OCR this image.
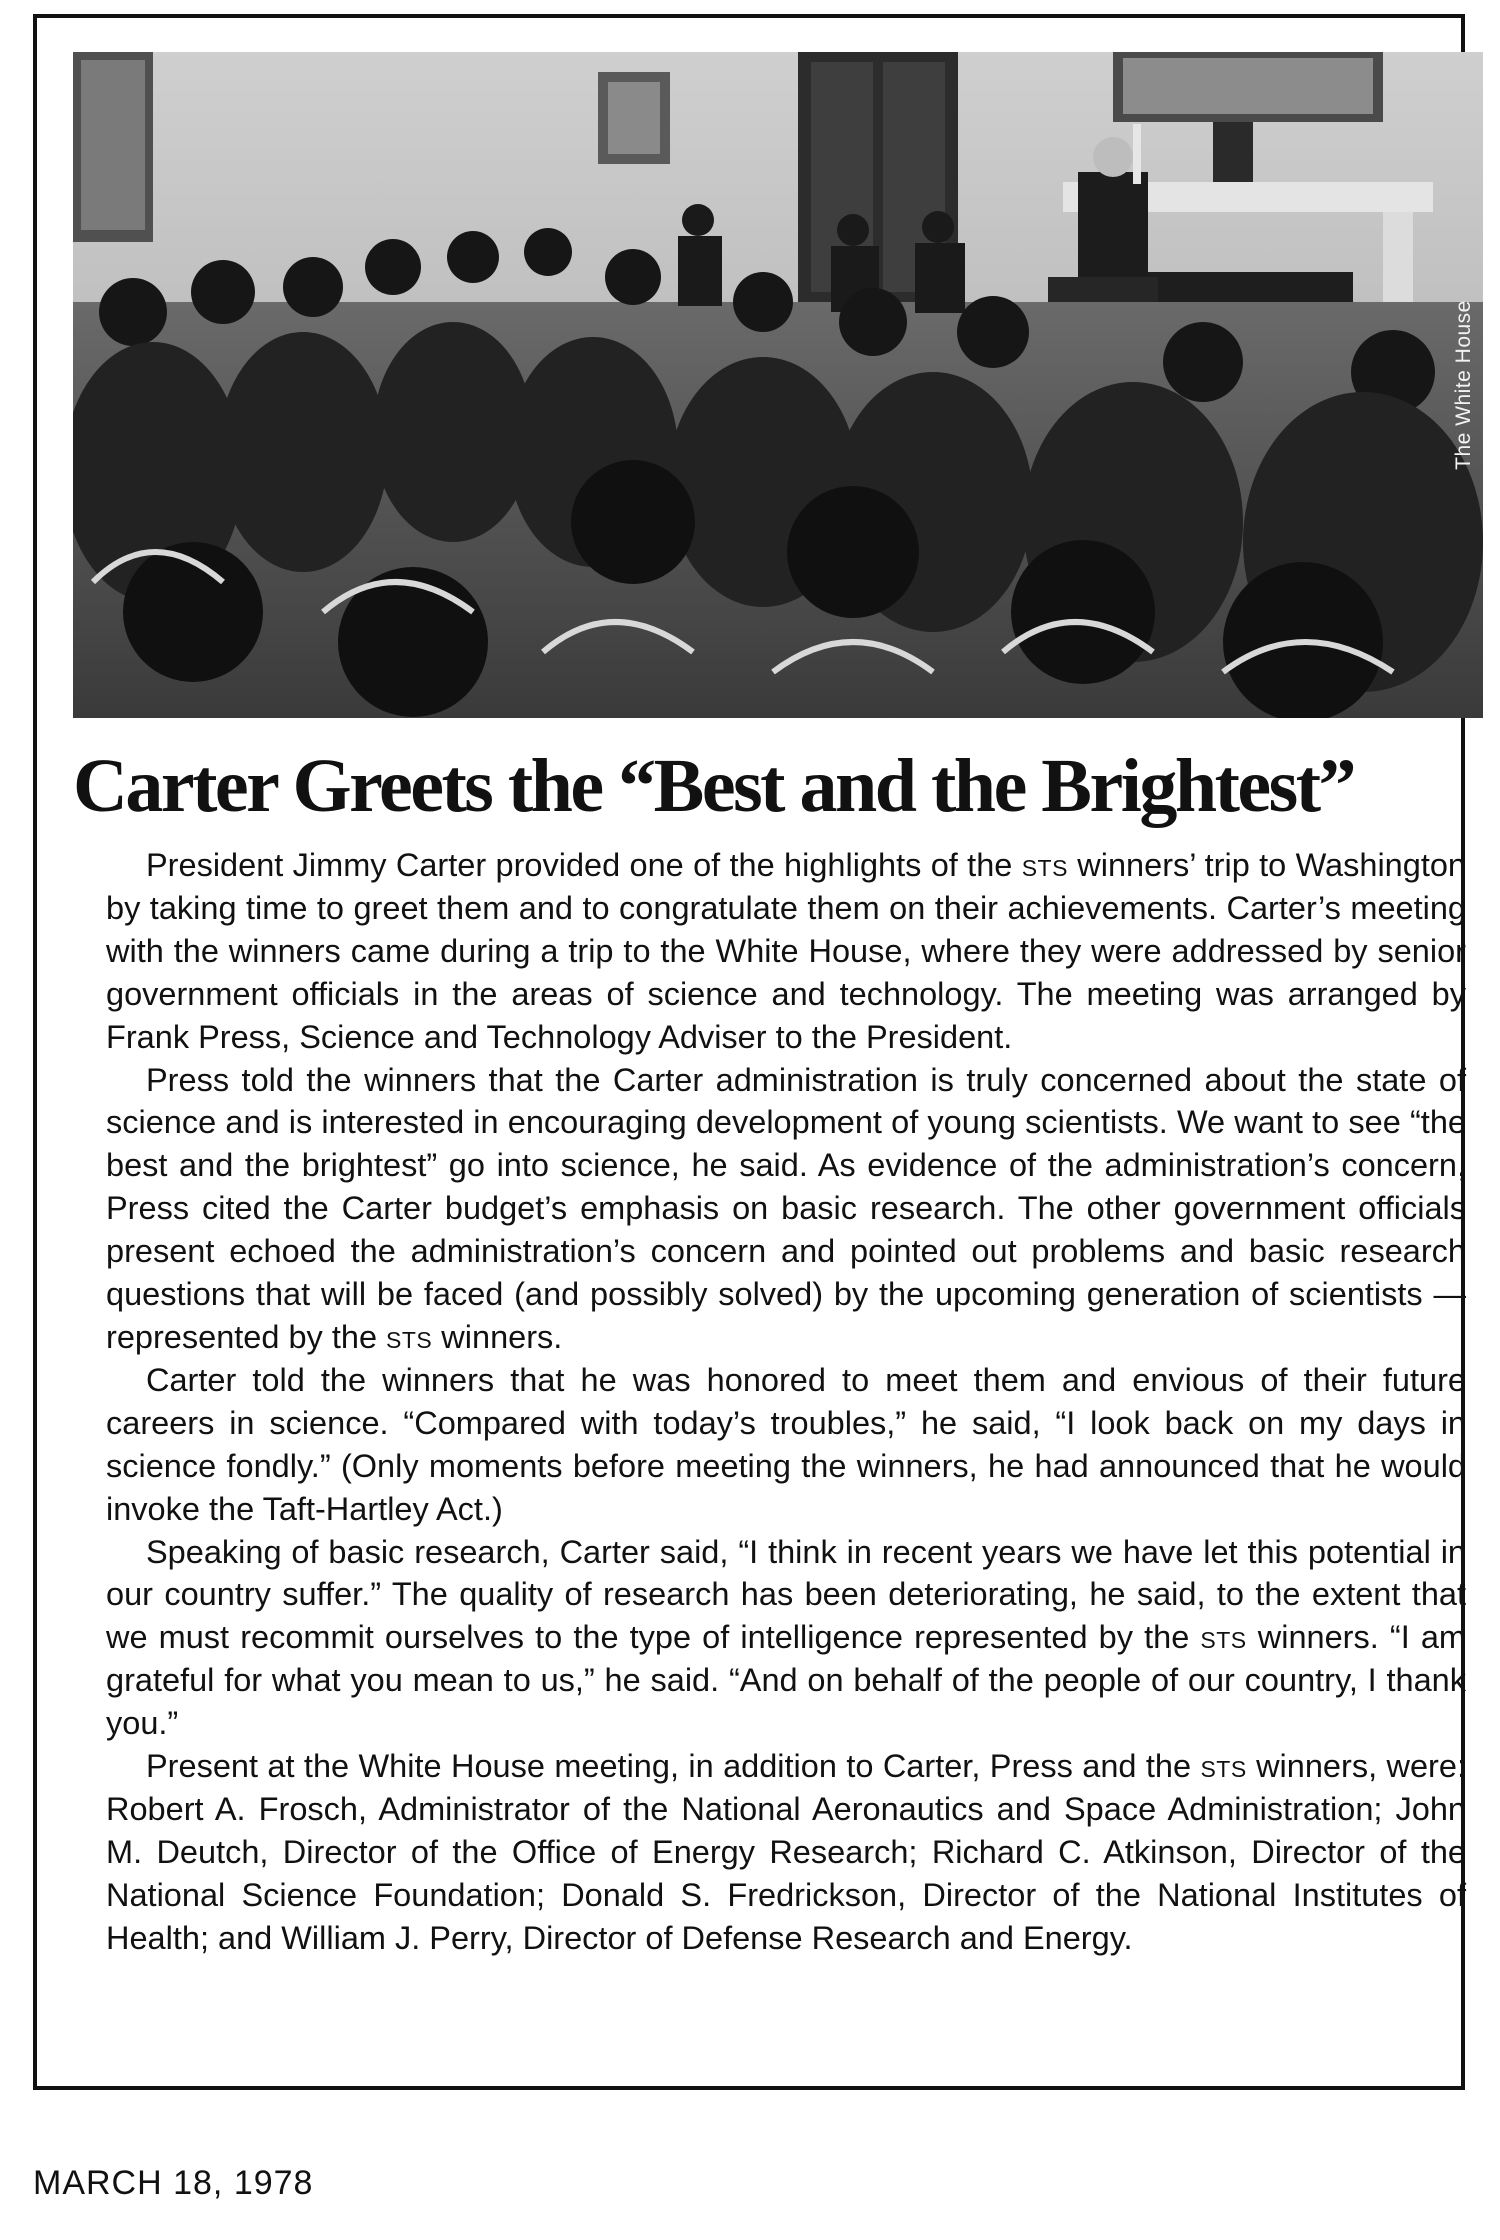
The White House
Carter Greets the “Best and the Brightest”

President Jimmy Carter provided one of the highlights of the sts winners’ trip to Washington by taking time to greet them and to congratulate them on their achievements. Carter’s meeting with the winners came during a trip to the White House, where they were addressed by senior government officials in the areas of science and technology. The meeting was arranged by Frank Press, Science and Technology Adviser to the President.

Press told the winners that the Carter administration is truly concerned about the state of science and is interested in encouraging development of young scientists. We want to see “the best and the brightest” go into science, he said. As evidence of the administration’s concern, Press cited the Carter budget’s emphasis on basic research. The other government officials present echoed the administration’s concern and pointed out problems and basic research questions that will be faced (and possibly solved) by the upcoming generation of scientists — represented by the sts winners.

Carter told the winners that he was honored to meet them and envious of their future careers in science. “Compared with today’s troubles,” he said, “I look back on my days in science fondly.” (Only moments before meeting the winners, he had announced that he would invoke the Taft-Hartley Act.)

Speaking of basic research, Carter said, “I think in recent years we have let this potential in our country suffer.” The quality of research has been deteriorating, he said, to the extent that we must recommit ourselves to the type of intelligence represented by the sts winners. “I am grateful for what you mean to us,” he said. “And on behalf of the people of our country, I thank you.”

Present at the White House meeting, in addition to Carter, Press and the sts winners, were: Robert A. Frosch, Administrator of the National Aeronautics and Space Administration; John M. Deutch, Director of the Office of Energy Research; Richard C. Atkinson, Director of the National Science Foundation; Donald S. Fredrickson, Director of the National Institutes of Health; and William J. Perry, Director of Defense Research and Energy.

MARCH 18, 1978
